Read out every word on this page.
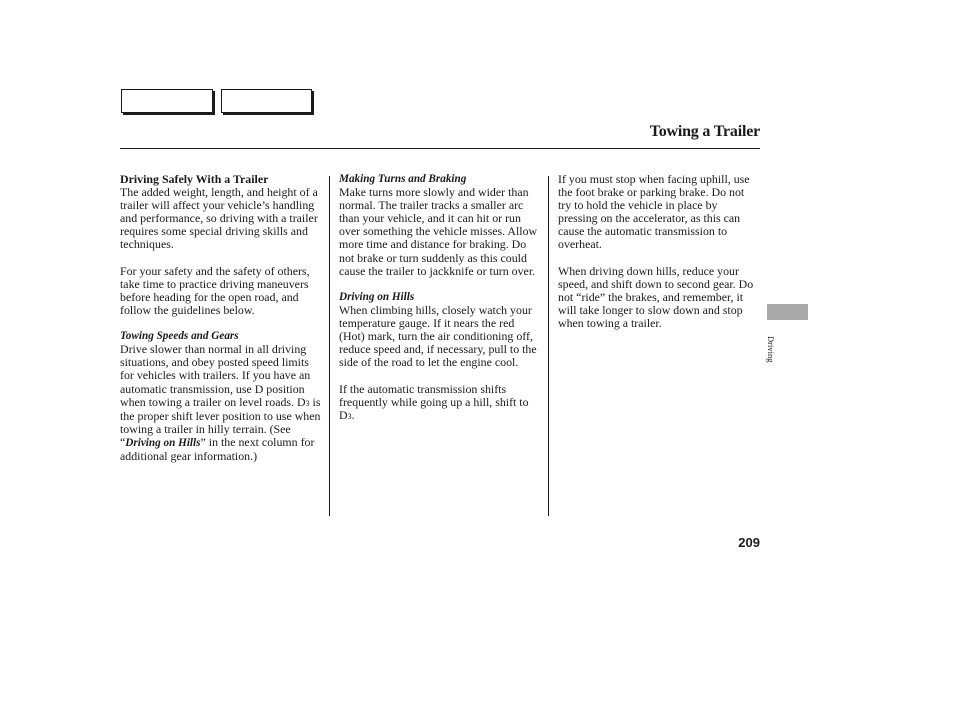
Towing a Trailer
Driving Safely With a Trailer
The added weight, length, and height of a trailer will affect your vehicle’s handling and performance, so driving with a trailer requires some special driving skills and techniques.
For your safety and the safety of others, take time to practice driving maneuvers before heading for the open road, and follow the guidelines below.
Towing Speeds and Gears
Drive slower than normal in all driving situations, and obey posted speed limits for vehicles with trailers. If you have an automatic transmission, use D position when towing a trailer on level roads. D3 is the proper shift lever position to use when towing a trailer in hilly terrain. (See “Driving on Hills” in the next column for additional gear information.)
Making Turns and Braking
Make turns more slowly and wider than normal. The trailer tracks a smaller arc than your vehicle, and it can hit or run over something the vehicle misses. Allow more time and distance for braking. Do not brake or turn suddenly as this could cause the trailer to jackknife or turn over.
Driving on Hills
When climbing hills, closely watch your temperature gauge. If it nears the red (Hot) mark, turn the air conditioning off, reduce speed and, if necessary, pull to the side of the road to let the engine cool.
If the automatic transmission shifts frequently while going up a hill, shift to D3.
If you must stop when facing uphill, use the foot brake or parking brake. Do not try to hold the vehicle in place by pressing on the accelerator, as this can cause the automatic transmission to overheat.
When driving down hills, reduce your speed, and shift down to second gear. Do not “ride” the brakes, and remember, it will take longer to slow down and stop when towing a trailer.
Driving
209
